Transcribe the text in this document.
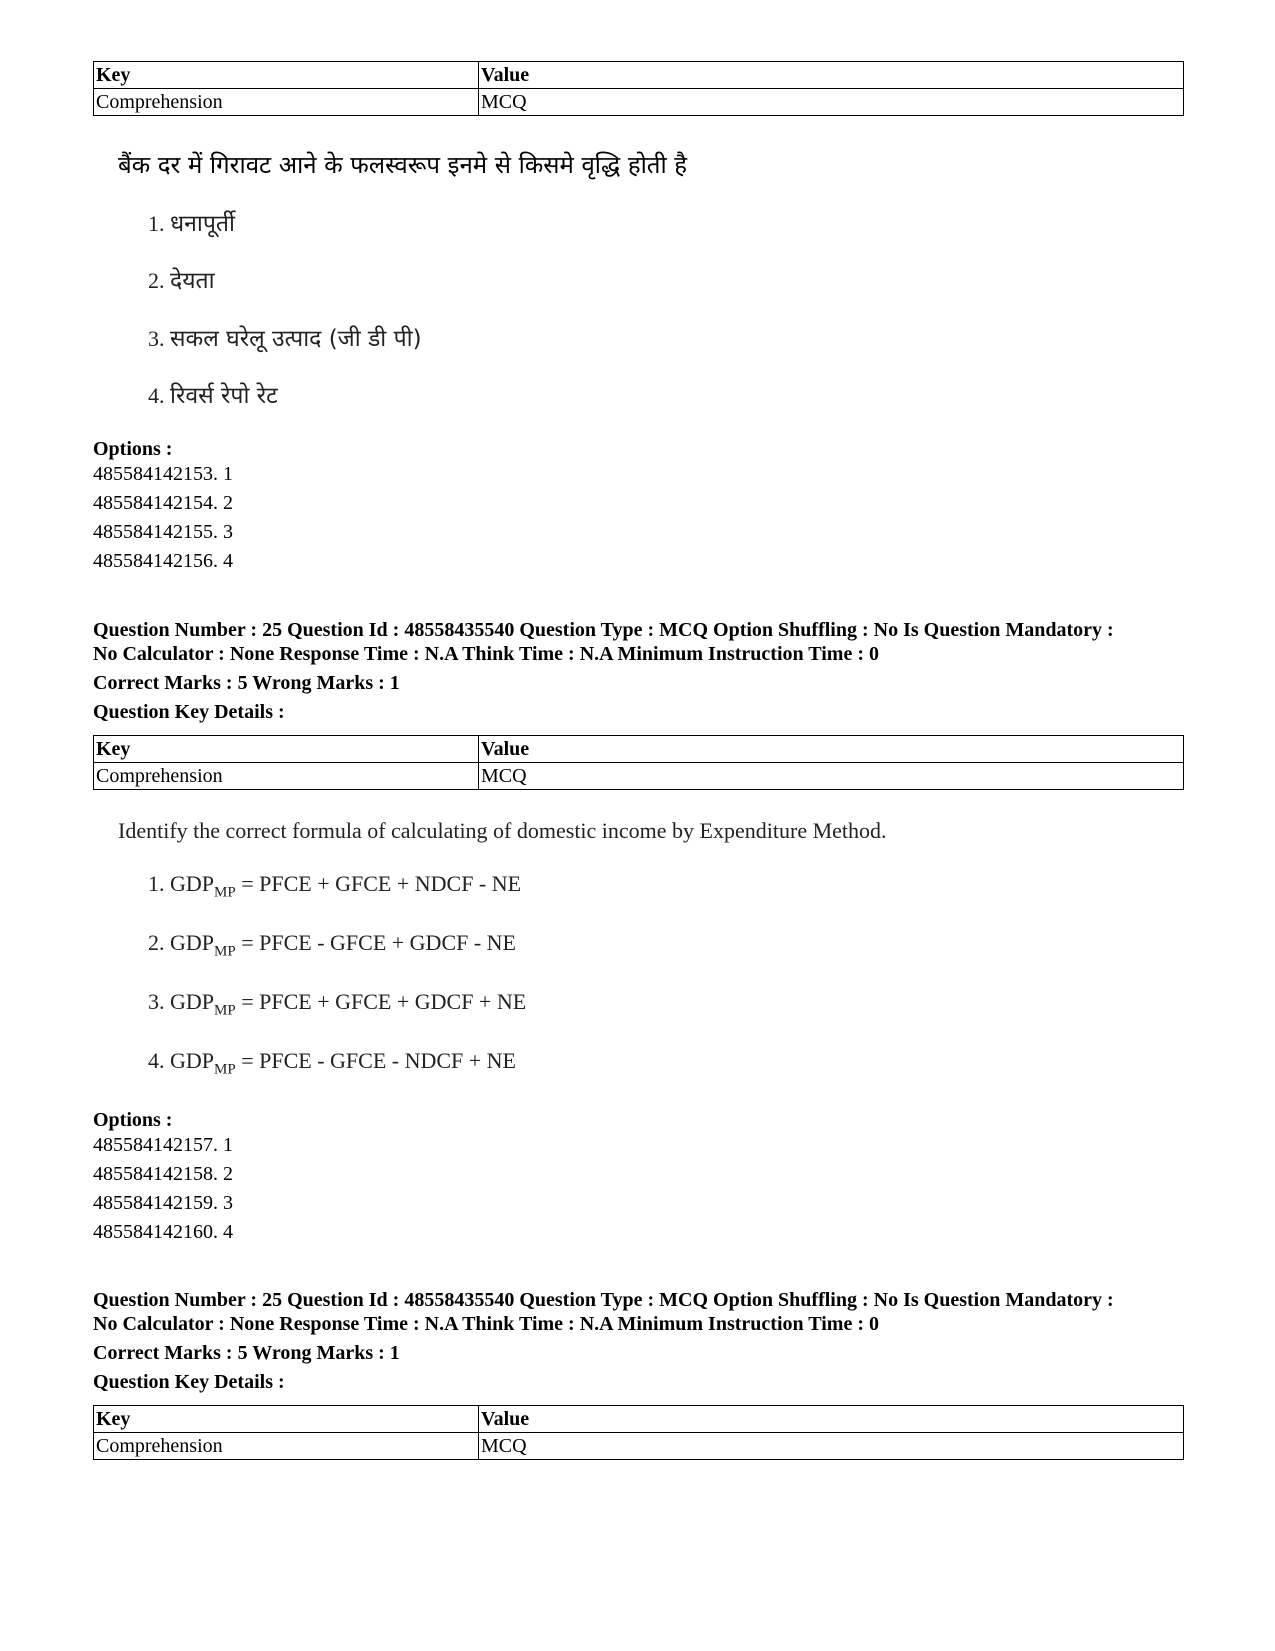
Key	Value
Comprehension	MCQ
बैंक दर में गिरावट आने के फलस्वरूप इनमे से किसमे वृद्धि होती है
1. धनापूर्ती
2. देयता
3. सकल घरेलू उत्पाद (जी डी पी)
4. रिवर्स रेपो रेट
Options :
485584142153. 1
485584142154. 2
485584142155. 3
485584142156. 4
Question Number : 25 Question Id : 48558435540 Question Type : MCQ Option Shuffling : No Is Question Mandatory :
No Calculator : None Response Time : N.A Think Time : N.A Minimum Instruction Time : 0
Correct Marks : 5 Wrong Marks : 1
Question Key Details :
Key	Value
Comprehension	MCQ
Identify the correct formula of calculating of domestic income by Expenditure Method.
1. $GDP_{MP}$ = PFCE + GFCE + NDCF - NE
2. $GDP_{MP}$ = PFCE - GFCE + GDCF - NE
3. $GDP_{MP}$ = PFCE + GFCE + GDCF + NE
4. $GDP_{MP}$ = PFCE - GFCE - NDCF + NE
Options :
485584142157. 1
485584142158. 2
485584142159. 3
485584142160. 4
Question Number : 25 Question Id : 48558435540 Question Type : MCQ Option Shuffling : No Is Question Mandatory :
No Calculator : None Response Time : N.A Think Time : N.A Minimum Instruction Time : 0
Correct Marks : 5 Wrong Marks : 1
Question Key Details :
Key	Value
Comprehension	MCQ
